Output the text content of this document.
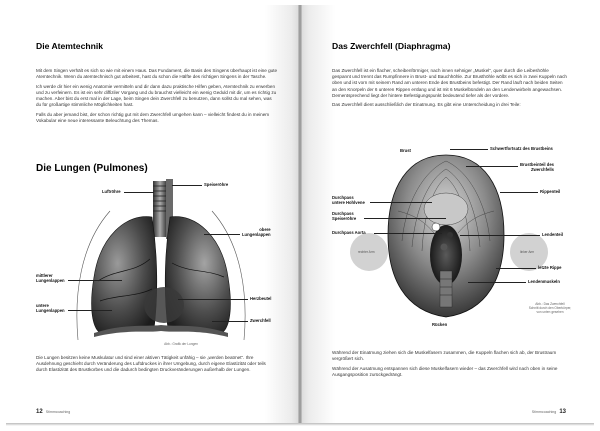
Die Atemtechnik

Mit dem Singen verhält es sich so wie mit einem Haus. Das Fundament, die Basis des Singens überhaupt ist eine gute Atemtechnik. Wenn du atemtechnisch gut arbeitest, hast du schon die Hälfte des richtigen Singens in der Tasche.

Ich werde dir hier ein wenig Anatomie vermitteln und dir dann dazu praktische Hilfen geben, Atemtechnik zu erwerben und zu verfeinern. Es ist ein sehr diffiziler Vorgang und du brauchst vielleicht ein wenig Geduld mit dir, um es richtig zu machen. Aber bist du erst mal in der Lage, beim Singen dein Zwerchfell zu benutzen, dann sollst du mal sehen, was du für großartige stimmliche Möglichkeiten hast.

Falls du aber jemand bist, der schon richtig gut mit dem Zwerchfell umgehen kann – vielleicht findest du in meinem Vokabular eine neue interessante Beleuchtung des Themas.

Die Lungen (Pulmones)
Luftröhre
Speiseröhre
obere
Lungenlappen
mittlerer
Lungenlappen
Herzbeutel
untere
Lungenlappen
Zwerchfell
Abb.: Grafik der Lungen
Die Lungen besitzen keine Muskulatur und sind einer aktiven Tätigkeit unfähig – sie „werden beatmet“. Ihre Ausdehnung geschieht durch Veränderung des Luftdruckes in ihrer Umgebung, durch eigene Elastizität oder teils durch Elastizität des Brustkorbes und die dadurch bedingten Druckveränderungen außerhalb der Lungen.
12 Stimmcoaching
Das Zwerchfell (Diaphragma)

Das Zwerchfell ist ein flacher, scheibenförmiger, nach innen sehniger „Muskel“, quer durch die Leibeshöhle gespannt und trennt das Rumpfinnere in Brust- und Bauchhöhle. Zur Brusthöhle wölbt es sich in zwei Kuppeln nach oben und ist vorn mit seinem Rand am unteren Ende des Brustbeins befestigt. Der Rand läuft nach beiden Seiten an den Knorpeln der 6 unteren Rippen entlang und ist mit 6 Muskelbündeln an den Lendenwirbeln angewachsen. Dementsprechend liegt der hintere Befestigungspunkt bedeutend tiefer als der vordere.

Das Zwerchfell dient ausschließlich der Einatmung. Es gibt eine Unterscheidung in drei Teile:

rechter Arm	linker Arm
Brust	Schwertfortsatz des Brustbeins
Brustbeinteil des
Zwerchfells
Rippenteil
Durchpass
untere Hohlvene
Durchpass
Speiseröhre
Durchpass Aorta	Lendenteil
letzte Rippe
Lendenmuskeln
Rücken
Abb.: Das Zwerchfell
Schnitt durch den Oberkörper,
von unten gesehen

Während der Einatmung ziehen sich die Muskelfasern zusammen, die Kuppeln flachen sich ab, der Brustraum vergrößert sich.

Während der Ausatmung entspannen sich diese Muskelfasern wieder – das Zwerchfell wird nach oben in seine Ausgangsposition zurückgedrängt.

Stimmcoaching 13
